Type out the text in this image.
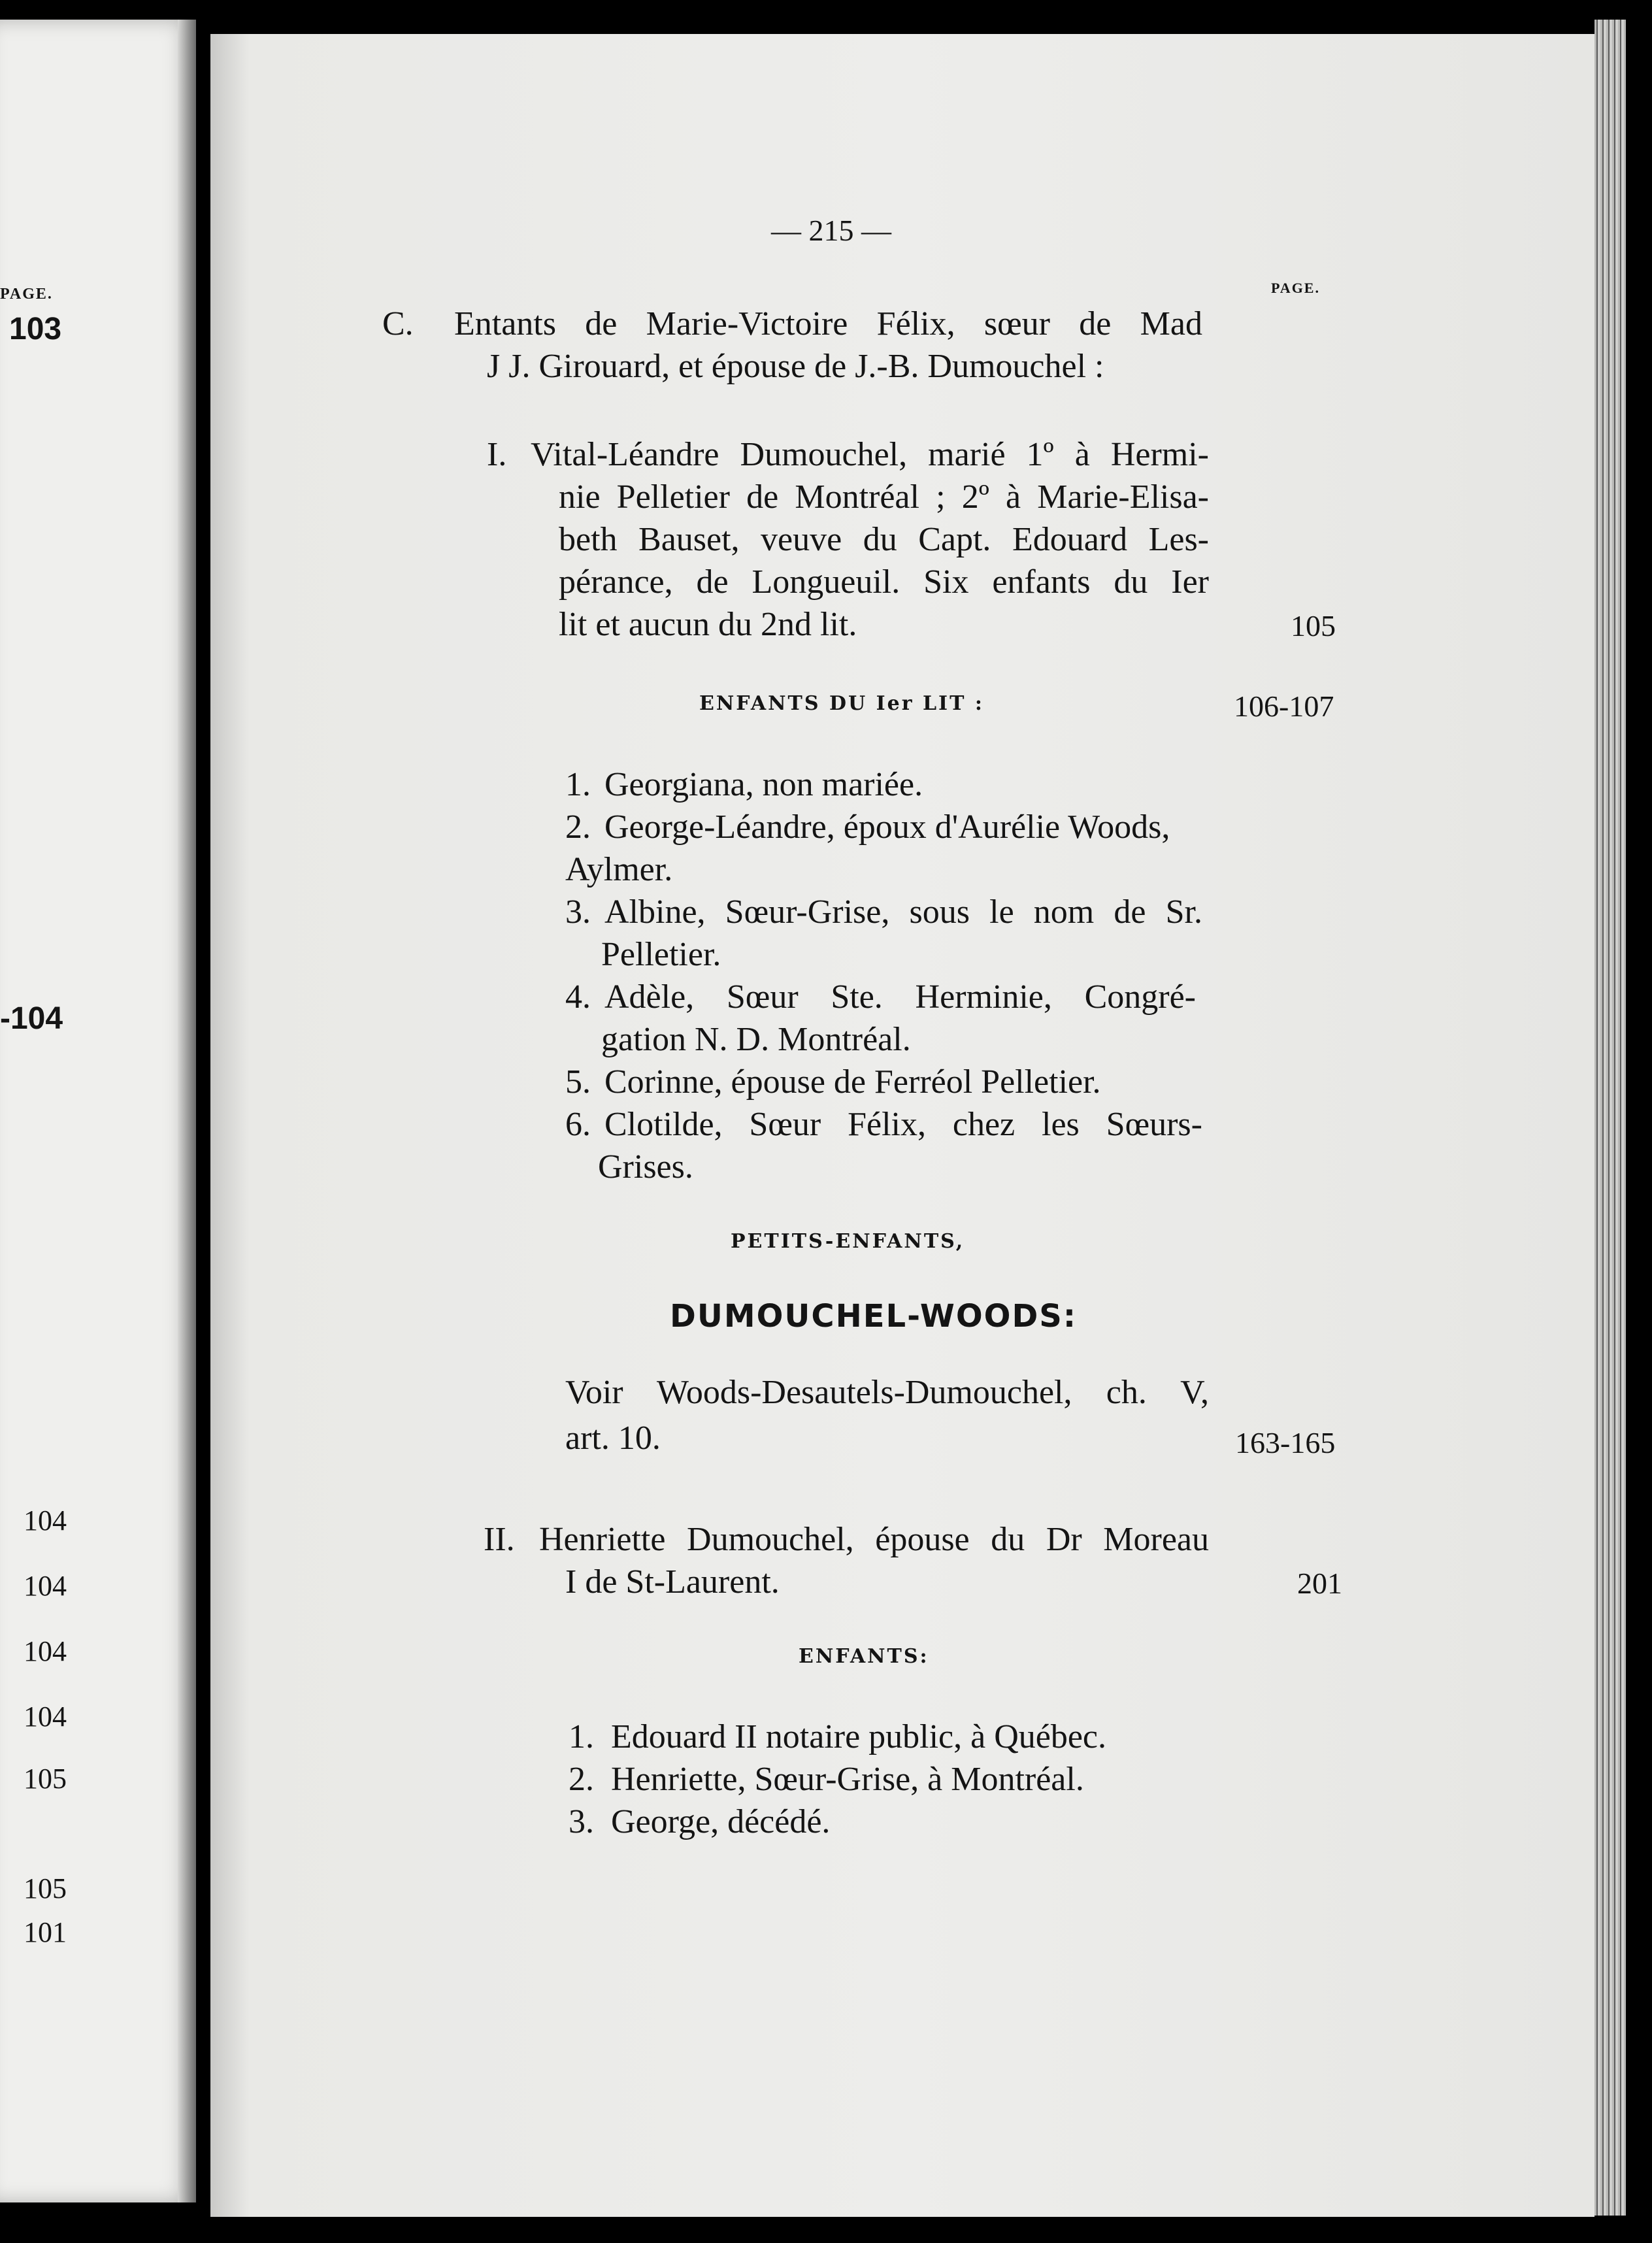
PAGE.
103
-104
104
104
104
104
105
105
101
— 215 —
PAGE.
C. Entants de Marie-Victoire Félix, sœur de Mad
J J. Girouard, et épouse de J.-B. Dumouchel :
I. Vital-Léandre Dumouchel, marié 1º à Hermi-
nie Pelletier de Montréal ; 2º à Marie-Elisa-
beth Bauset, veuve du Capt. Edouard Les-
pérance, de Longueuil. Six enfants du Ier
lit et aucun du 2nd lit.	105
ENFANTS DU Ier LIT :	106-107
1. Georgiana, non mariée.
2. George-Léandre, époux d'Aurélie Woods,
Aylmer.
3. Albine, Sœur-Grise, sous le nom de Sr.
Pelletier.
4. Adèle, Sœur Ste. Herminie, Congré-
gation N. D. Montréal.
5. Corinne, épouse de Ferréol Pelletier.
6. Clotilde, Sœur Félix, chez les Sœurs-
Grises.
PETITS-ENFANTS,
DUMOUCHEL-WOODS:
Voir Woods-Desautels-Dumouchel, ch. V,
art. 10.	163-165
II. Henriette Dumouchel, épouse du Dr Moreau
I de St-Laurent.	201
ENFANTS:
1. Edouard II notaire public, à Québec.
2. Henriette, Sœur-Grise, à Montréal.
3. George, décédé.
